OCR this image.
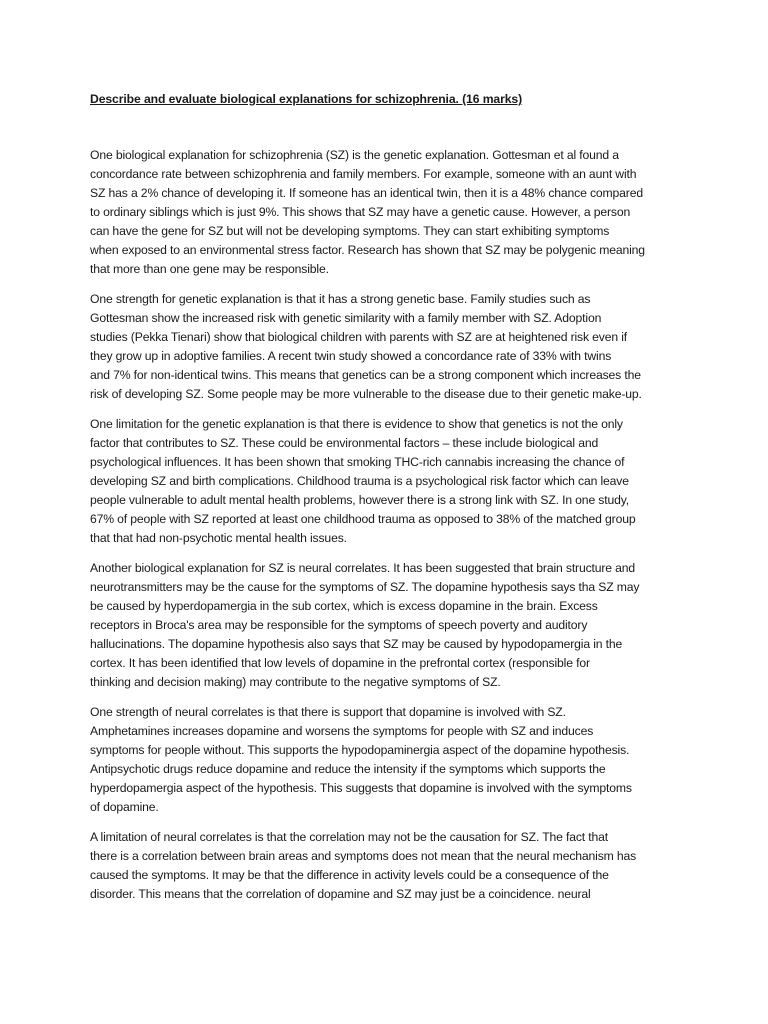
Describe and evaluate biological explanations for schizophrenia. (16 marks)
One biological explanation for schizophrenia (SZ) is the genetic explanation. Gottesman et al found a
concordance rate between schizophrenia and family members. For example, someone with an aunt with
SZ has a 2% chance of developing it. If someone has an identical twin, then it is a 48% chance compared
to ordinary siblings which is just 9%. This shows that SZ may have a genetic cause. However, a person
can have the gene for SZ but will not be developing symptoms. They can start exhibiting symptoms
when exposed to an environmental stress factor. Research has shown that SZ may be polygenic meaning
that more than one gene may be responsible.
One strength for genetic explanation is that it has a strong genetic base. Family studies such as
Gottesman show the increased risk with genetic similarity with a family member with SZ. Adoption
studies (Pekka Tienari) show that biological children with parents with SZ are at heightened risk even if
they grow up in adoptive families. A recent twin study showed a concordance rate of 33% with twins
and 7% for non-identical twins. This means that genetics can be a strong component which increases the
risk of developing SZ. Some people may be more vulnerable to the disease due to their genetic make-up.
One limitation for the genetic explanation is that there is evidence to show that genetics is not the only
factor that contributes to SZ. These could be environmental factors – these include biological and
psychological influences. It has been shown that smoking THC-rich cannabis increasing the chance of
developing SZ and birth complications. Childhood trauma is a psychological risk factor which can leave
people vulnerable to adult mental health problems, however there is a strong link with SZ. In one study,
67% of people with SZ reported at least one childhood trauma as opposed to 38% of the matched group
that that had non-psychotic mental health issues.
Another biological explanation for SZ is neural correlates. It has been suggested that brain structure and
neurotransmitters may be the cause for the symptoms of SZ. The dopamine hypothesis says tha SZ may
be caused by hyperdopamergia in the sub cortex, which is excess dopamine in the brain. Excess
receptors in Broca's area may be responsible for the symptoms of speech poverty and auditory
hallucinations. The dopamine hypothesis also says that SZ may be caused by hypodopamergia in the
cortex. It has been identified that low levels of dopamine in the prefrontal cortex (responsible for
thinking and decision making) may contribute to the negative symptoms of SZ.
One strength of neural correlates is that there is support that dopamine is involved with SZ.
Amphetamines increases dopamine and worsens the symptoms for people with SZ and induces
symptoms for people without. This supports the hypodopaminergia aspect of the dopamine hypothesis.
Antipsychotic drugs reduce dopamine and reduce the intensity if the symptoms which supports the
hyperdopamergia aspect of the hypothesis. This suggests that dopamine is involved with the symptoms
of dopamine.
A limitation of neural correlates is that the correlation may not be the causation for SZ. The fact that
there is a correlation between brain areas and symptoms does not mean that the neural mechanism has
caused the symptoms. It may be that the difference in activity levels could be a consequence of the
disorder. This means that the correlation of dopamine and SZ may just be a coincidence. neural
